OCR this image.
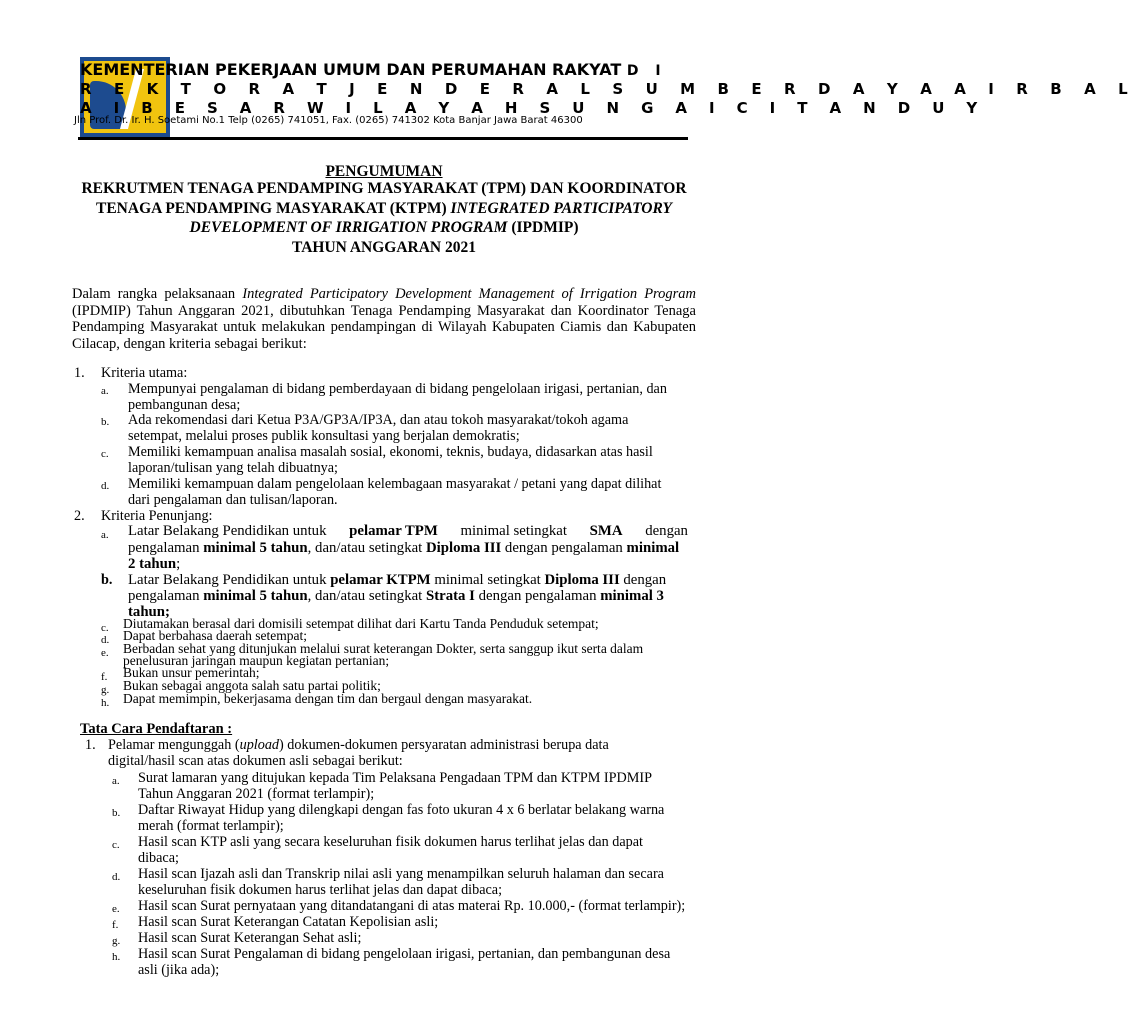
KEMENTERIAN PEKERJAAN UMUM DAN PERUMAHAN RAKYAT D I
R E K T O R A T J E N D E R A L S U M B E R D A Y A A I R B A L
A I B E S A R W I L A Y A H S U N G A I C I T A N D U Y
Jln Prof. Dr. Ir. H. Soetami No.1 Telp (0265) 741051, Fax. (0265) 741302 Kota Banjar Jawa Barat 46300
PENGUMUMAN
REKRUTMEN TENAGA PENDAMPING MASYARAKAT (TPM) DAN KOORDINATOR
TENAGA PENDAMPING MASYARAKAT (KTPM) INTEGRATED PARTICIPATORY
DEVELOPMENT OF IRRIGATION PROGRAM (IPDMIP)
TAHUN ANGGARAN 2021
Dalam rangka pelaksanaan Integrated Participatory Development Management of Irrigation Program (IPDMIP) Tahun Anggaran 2021, dibutuhkan Tenaga Pendamping Masyarakat dan Koordinator Tenaga Pendamping Masyarakat untuk melakukan pendampingan di Wilayah Kabupaten Ciamis dan Kabupaten Cilacap, dengan kriteria sebagai berikut:
1. Kriteria utama:
a. Mempunyai pengalaman di bidang pemberdayaan di bidang pengelolaan irigasi, pertanian, dan
pembangunan desa;
b. Ada rekomendasi dari Ketua P3A/GP3A/IP3A, dan atau tokoh masyarakat/tokoh agama
setempat, melalui proses publik konsultasi yang berjalan demokratis;
c. Memiliki kemampuan analisa masalah sosial, ekonomi, teknis, budaya, didasarkan atas hasil
laporan/tulisan yang telah dibuatnya;
d. Memiliki kemampuan dalam pengelolaan kelembagaan masyarakat / petani yang dapat dilihat
dari pengalaman dan tulisan/laporan.
2. Kriteria Penunjang:
a. Latar Belakang Pendidikan untuk pelamar TPM minimal setingkat SMA dengan
pengalaman minimal 5 tahun, dan/atau setingkat Diploma III dengan pengalaman minimal
2 tahun;
b. Latar Belakang Pendidikan untuk pelamar KTPM minimal setingkat Diploma III dengan
pengalaman minimal 5 tahun, dan/atau setingkat Strata I dengan pengalaman minimal 3
tahun;
c. Diutamakan berasal dari domisili setempat dilihat dari Kartu Tanda Penduduk setempat;
d. Dapat berbahasa daerah setempat;
e. Berbadan sehat yang ditunjukan melalui surat keterangan Dokter, serta sanggup ikut serta dalam
penelusuran jaringan maupun kegiatan pertanian;
f. Bukan unsur pemerintah;
g. Bukan sebagai anggota salah satu partai politik;
h. Dapat memimpin, bekerjasama dengan tim dan bergaul dengan masyarakat.
Tata Cara Pendaftaran :
1. Pelamar mengunggah (upload) dokumen-dokumen persyaratan administrasi berupa data
digital/hasil scan atas dokumen asli sebagai berikut:
a. Surat lamaran yang ditujukan kepada Tim Pelaksana Pengadaan TPM dan KTPM IPDMIP
Tahun Anggaran 2021 (format terlampir);
b. Daftar Riwayat Hidup yang dilengkapi dengan fas foto ukuran 4 x 6 berlatar belakang warna
merah (format terlampir);
c. Hasil scan KTP asli yang secara keseluruhan fisik dokumen harus terlihat jelas dan dapat
dibaca;
d. Hasil scan Ijazah asli dan Transkrip nilai asli yang menampilkan seluruh halaman dan secara
keseluruhan fisik dokumen harus terlihat jelas dan dapat dibaca;
e. Hasil scan Surat pernyataan yang ditandatangani di atas materai Rp. 10.000,- (format terlampir);
f. Hasil scan Surat Keterangan Catatan Kepolisian asli;
g. Hasil scan Surat Keterangan Sehat asli;
h. Hasil scan Surat Pengalaman di bidang pengelolaan irigasi, pertanian, dan pembangunan desa
asli (jika ada);
